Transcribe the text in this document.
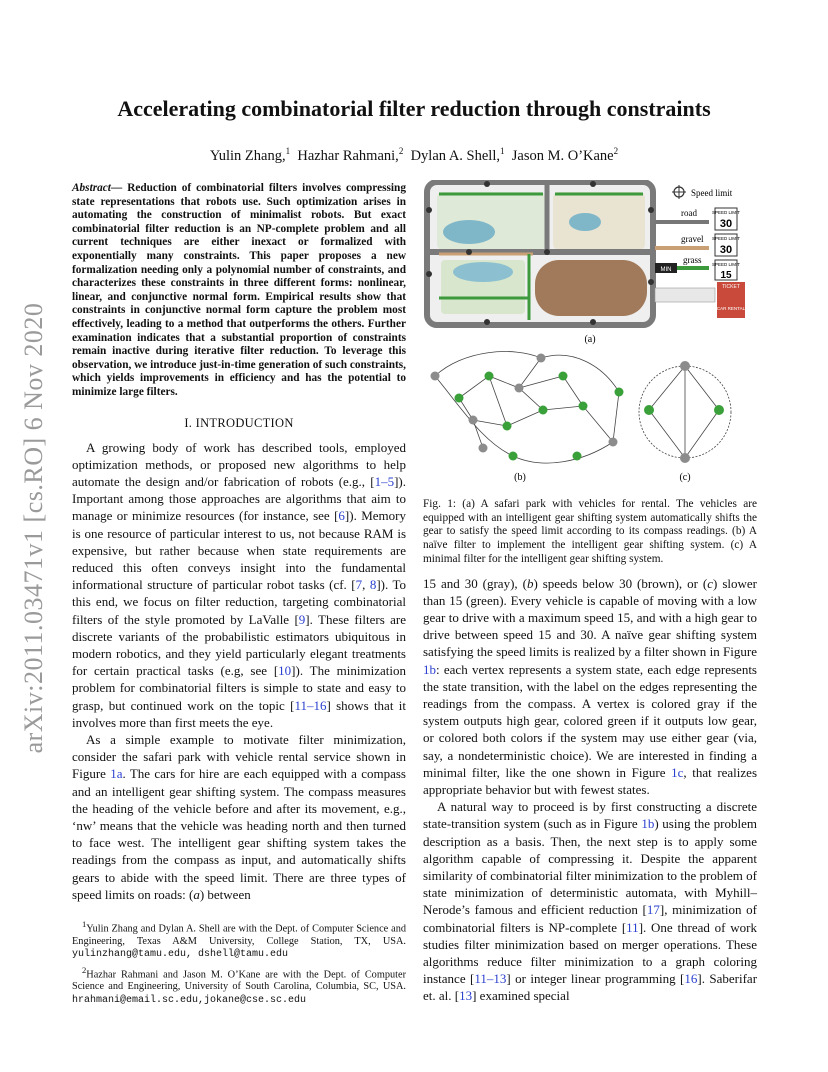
arXiv:2011.03471v1 [cs.RO] 6 Nov 2020
Accelerating combinatorial filter reduction through constraints
Yulin Zhang,$^1$ Hazhar Rahmani,$^2$ Dylan A. Shell,$^1$ Jason M. O’Kane$^2$

Abstract— Reduction of combinatorial filters involves compressing state representations that robots use. Such optimization arises in automating the construction of minimalist robots. But exact combinatorial filter reduction is an NP-complete problem and all current techniques are either inexact or formalized with exponentially many constraints. This paper proposes a new formalization needing only a polynomial number of constraints, and characterizes these constraints in three different forms: nonlinear, linear, and conjunctive normal form. Empirical results show that constraints in conjunctive normal form capture the problem most effectively, leading to a method that outperforms the others. Further examination indicates that a substantial proportion of constraints remain inactive during iterative filter reduction. To leverage this observation, we introduce just-in-time generation of such constraints, which yields improvements in efficiency and has the potential to minimize large filters.

I. INTRODUCTION

A growing body of work has described tools, employed optimization methods, or proposed new algorithms to help automate the design and/or fabrication of robots (e.g., [1–5]). Important among those approaches are algorithms that aim to manage or minimize resources (for instance, see [6]). Memory is one resource of particular interest to us, not because RAM is expensive, but rather because when state requirements are reduced this often conveys insight into the fundamental informational structure of particular robot tasks (cf. [7, 8]). To this end, we focus on filter reduction, targeting combinatorial filters of the style promoted by LaValle [9]. These filters are discrete variants of the probabilistic estimators ubiquitous in modern robotics, and they yield particularly elegant treatments for certain practical tasks (e.g, see [10]). The minimization problem for combinatorial filters is simple to state and easy to grasp, but continued work on the topic [11–16] shows that it involves more than first meets the eye.

As a simple example to motivate filter minimization, consider the safari park with vehicle rental service shown in Figure 1a. The cars for hire are each equipped with a compass and an intelligent gear shifting system. The compass measures the heading of the vehicle before and after its movement, e.g., ‘nw’ means that the vehicle was heading north and then turned to face west. The intelligent gear shifting system takes the readings from the compass as input, and automatically shifts gears to abide with the speed limit. There are three types of speed limits on roads: (a) between

$^1$Yulin Zhang and Dylan A. Shell are with the Dept. of Computer Science and Engineering, Texas A&M University, College Station, TX, USA. yulinzhang@tamu.edu, dshell@tamu.edu

$^2$Hazhar Rahmani and Jason M. O’Kane are with the Dept. of Computer Science and Engineering, University of South Carolina, Columbia, SC, USA. hrahmani@email.sc.edu,jokane@cse.sc.edu

Speed limit
road
gravel
grass
SPEED LIMIT
30
SPEED LIMIT
30
SPEED LIMIT
15
MIN
TICKET
CAR RENTAL
(a)
(b)	(c)

Fig. 1: (a) A safari park with vehicles for rental. The vehicles are equipped with an intelligent gear shifting system automatically shifts the gear to satisfy the speed limit according to its compass readings. (b) A naïve filter to implement the intelligent gear shifting system. (c) A minimal filter for the intelligent gear shifting system.

15 and 30 (gray), (b) speeds below 30 (brown), or (c) slower than 15 (green). Every vehicle is capable of moving with a low gear to drive with a maximum speed 15, and with a high gear to drive between speed 15 and 30. A naïve gear shifting system satisfying the speed limits is realized by a filter shown in Figure 1b: each vertex represents a system state, each edge represents the state transition, with the label on the edges representing the readings from the compass. A vertex is colored gray if the system outputs high gear, colored green if it outputs low gear, or colored both colors if the system may use either gear (via, say, a nondeterministic choice). We are interested in finding a minimal filter, like the one shown in Figure 1c, that realizes appropriate behavior but with fewest states.

A natural way to proceed is by first constructing a discrete state-transition system (such as in Figure 1b) using the problem description as a basis. Then, the next step is to apply some algorithm capable of compressing it. Despite the apparent similarity of combinatorial filter minimization to the problem of state minimization of deterministic automata, with Myhill–Nerode’s famous and efficient reduction [17], minimization of combinatorial filters is NP-complete [11]. One thread of work studies filter minimization based on merger operations. These algorithms reduce filter minimization to a graph coloring instance [11–13] or integer linear programming [16]. Saberifar et. al. [13] examined special
